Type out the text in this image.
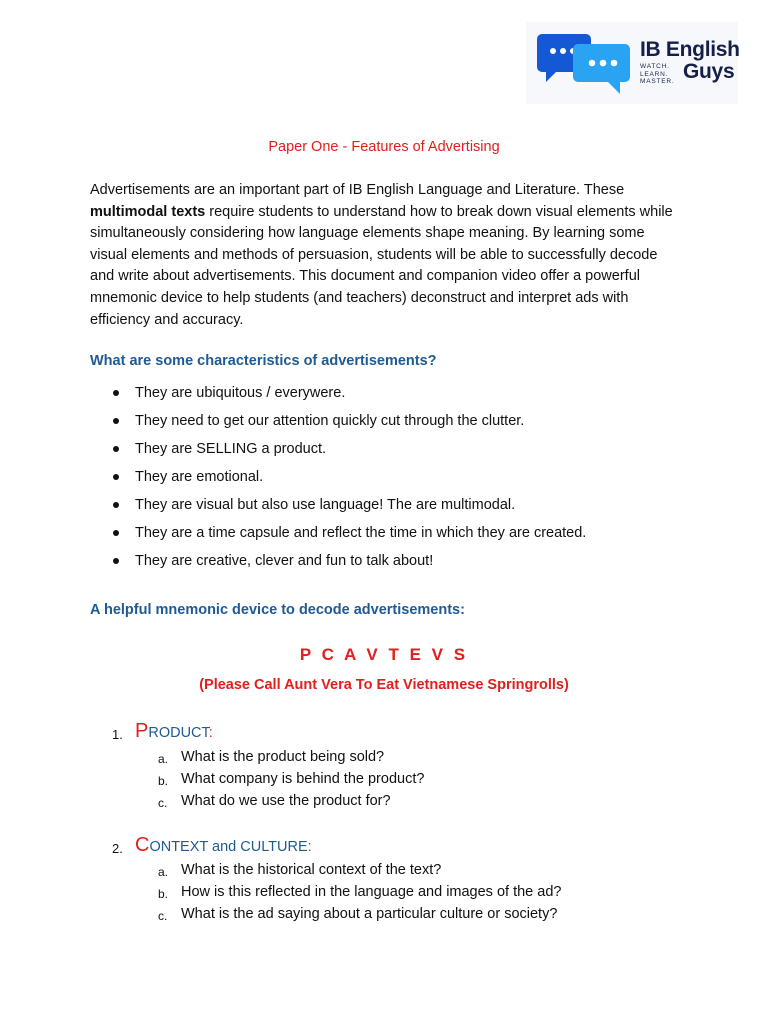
IB English
WATCH. LEARN. MASTER. Guys
Paper One - Features of Advertising
Advertisements are an important part of IB English Language and Literature. These multimodal texts require students to understand how to break down visual elements while simultaneously considering how language elements shape meaning. By learning some visual elements and methods of persuasion, students will be able to successfully decode and write about advertisements. This document and companion video offer a powerful mnemonic device to help students (and teachers) deconstruct and interpret ads with efficiency and accuracy.
What are some characteristics of advertisements?
They are ubiquitous / everywere.
They need to get our attention quickly cut through the clutter.
They are SELLING a product.
They are emotional.
They are visual but also use language! The are multimodal.
They are a time capsule and reflect the time in which they are created.
They are creative, clever and fun to talk about!
A helpful mnemonic device to decode advertisements:
P C A V T E V S
(Please Call Aunt Vera To Eat Vietnamese Springrolls)
1. PRODUCT:
a. What is the product being sold?
b. What company is behind the product?
c. What do we use the product for?
2. CONTEXT and CULTURE:
a. What is the historical context of the text?
b. How is this reflected in the language and images of the ad?
c. What is the ad saying about a particular culture or society?
